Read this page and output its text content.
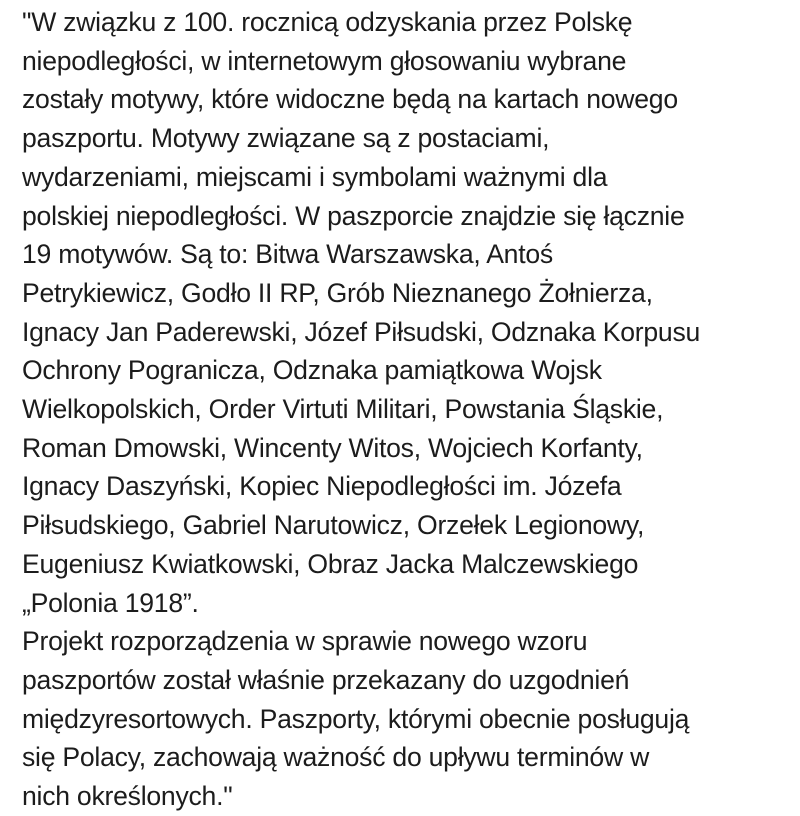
"W związku z 100. rocznicą odzyskania przez Polskę
niepodległości, w internetowym głosowaniu wybrane
zostały motywy, które widoczne będą na kartach nowego
paszportu. Motywy związane są z postaciami,
wydarzeniami, miejscami i symbolami ważnymi dla
polskiej niepodległości. W paszporcie znajdzie się łącznie
19 motywów. Są to: Bitwa Warszawska, Antoś
Petrykiewicz, Godło II RP, Grób Nieznanego Żołnierza,
Ignacy Jan Paderewski, Józef Piłsudski, Odznaka Korpusu
Ochrony Pogranicza, Odznaka pamiątkowa Wojsk
Wielkopolskich, Order Virtuti Militari, Powstania Śląskie,
Roman Dmowski, Wincenty Witos, Wojciech Korfanty,
Ignacy Daszyński, Kopiec Niepodległości im. Józefa
Piłsudskiego, Gabriel Narutowicz, Orzełek Legionowy,
Eugeniusz Kwiatkowski, Obraz Jacka Malczewskiego
„Polonia 1918”.
Projekt rozporządzenia w sprawie nowego wzoru
paszportów został właśnie przekazany do uzgodnień
międzyresortowych. Paszporty, którymi obecnie posługują
się Polacy, zachowają ważność do upływu terminów w
nich określonych."
